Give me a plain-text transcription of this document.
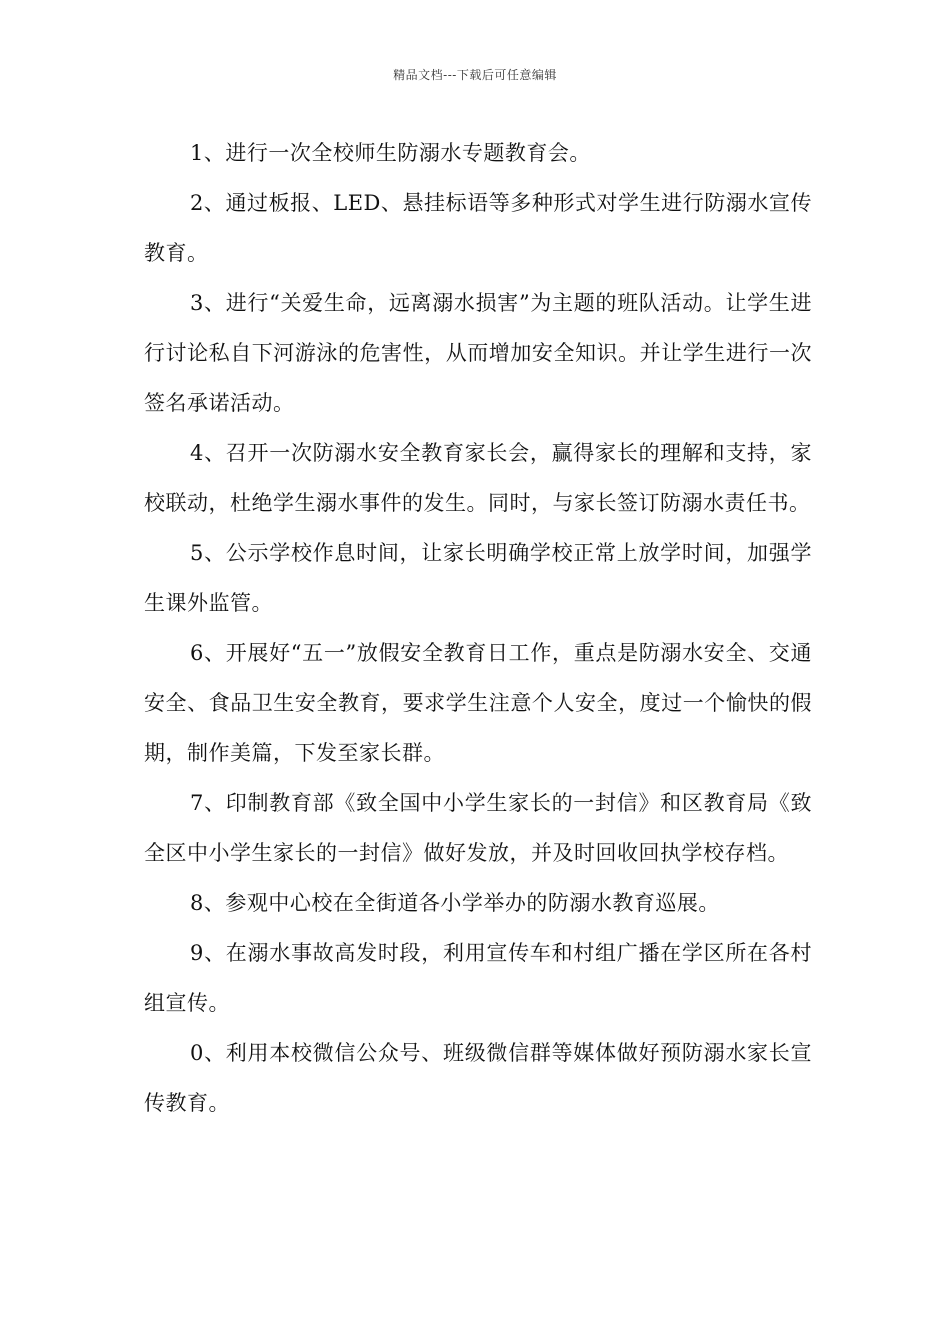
精品文档---下载后可任意编辑

1、进行一次全校师生防溺水专题教育会。

2、通过板报、LED、悬挂标语等多种形式对学生进行防溺水宣传教育。

3、进行“关爱生命，远离溺水损害”为主题的班队活动。让学生进行讨论私自下河游泳的危害性，从而增加安全知识。并让学生进行一次签名承诺活动。

4、召开一次防溺水安全教育家长会，赢得家长的理解和支持，家校联动，杜绝学生溺水事件的发生。同时，与家长签订防溺水责任书。

5、公示学校作息时间，让家长明确学校正常上放学时间，加强学生课外监管。

6、开展好“五一”放假安全教育日工作，重点是防溺水安全、交通安全、食品卫生安全教育，要求学生注意个人安全，度过一个愉快的假期，制作美篇，下发至家长群。

7、印制教育部《致全国中小学生家长的一封信》和区教育局《致全区中小学生家长的一封信》做好发放，并及时回收回执学校存档。

8、参观中心校在全街道各小学举办的防溺水教育巡展。

9、在溺水事故高发时段，利用宣传车和村组广播在学区所在各村组宣传。

0、利用本校微信公众号、班级微信群等媒体做好预防溺水家长宣传教育。
